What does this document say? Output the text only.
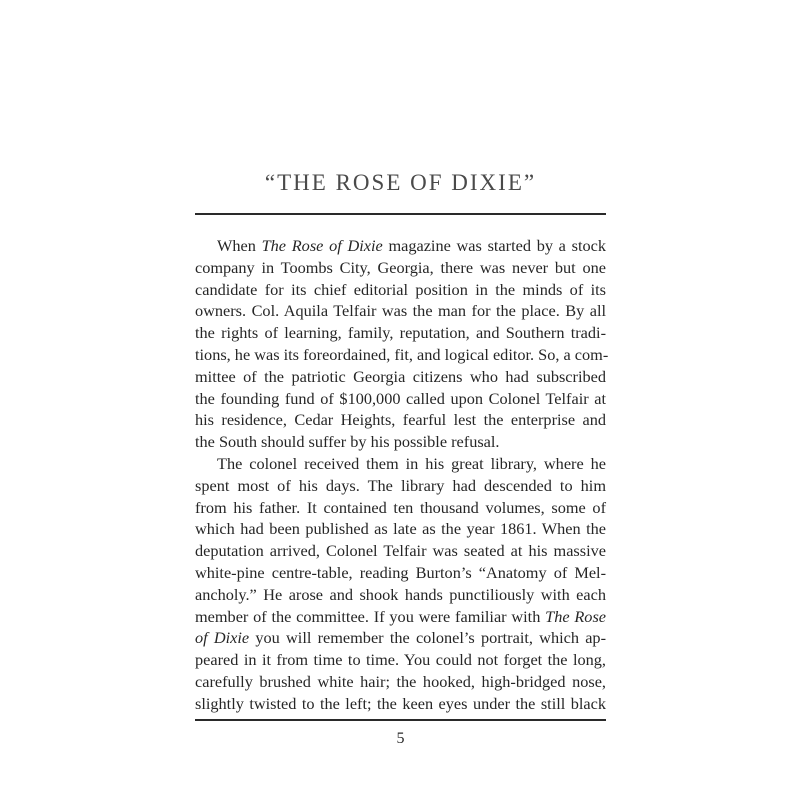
“THE ROSE OF DIXIE”
When The Rose of Dixie magazine was started by a stock
company in Toombs City, Georgia, there was never but one
candidate for its chief editorial position in the minds of its
owners. Col. Aquila Telfair was the man for the place. By all
the rights of learning, family, reputation, and Southern tradi-
tions, he was its foreordained, fit, and logical editor. So, a com-
mittee of the patriotic Georgia citizens who had subscribed
the founding fund of $100,000 called upon Colonel Telfair at
his residence, Cedar Heights, fearful lest the enterprise and
the South should suffer by his possible refusal.
The colonel received them in his great library, where he
spent most of his days. The library had descended to him
from his father. It contained ten thousand volumes, some of
which had been published as late as the year 1861. When the
deputation arrived, Colonel Telfair was seated at his massive
white-pine centre-table, reading Burton’s “Anatomy of Mel-
ancholy.” He arose and shook hands punctiliously with each
member of the committee. If you were familiar with The Rose
of Dixie you will remember the colonel’s portrait, which ap-
peared in it from time to time. You could not forget the long,
carefully brushed white hair; the hooked, high-bridged nose,
slightly twisted to the left; the keen eyes under the still black
5
